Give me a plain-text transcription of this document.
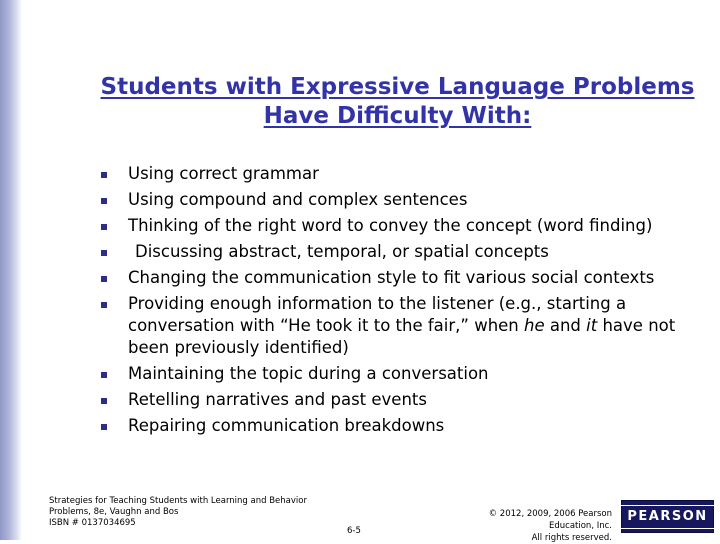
Students with Expressive Language Problems Have Difficulty With:
Using correct grammar
Using compound and complex sentences
Thinking of the right word to convey the concept (word finding)
Discussing abstract, temporal, or spatial concepts
Changing the communication style to fit various social contexts
Providing enough information to the listener (e.g., starting a conversation with “He took it to the fair,” when he and it have not been previously identified)
Maintaining the topic during a conversation
Retelling narratives and past events
Repairing communication breakdowns
Strategies for Teaching Students with Learning and Behavior
Problems, 8e, Vaughn and Bos
ISBN # 0137034695
6-5
© 2012, 2009, 2006 Pearson
Education, Inc.
All rights reserved.
PEARSON
